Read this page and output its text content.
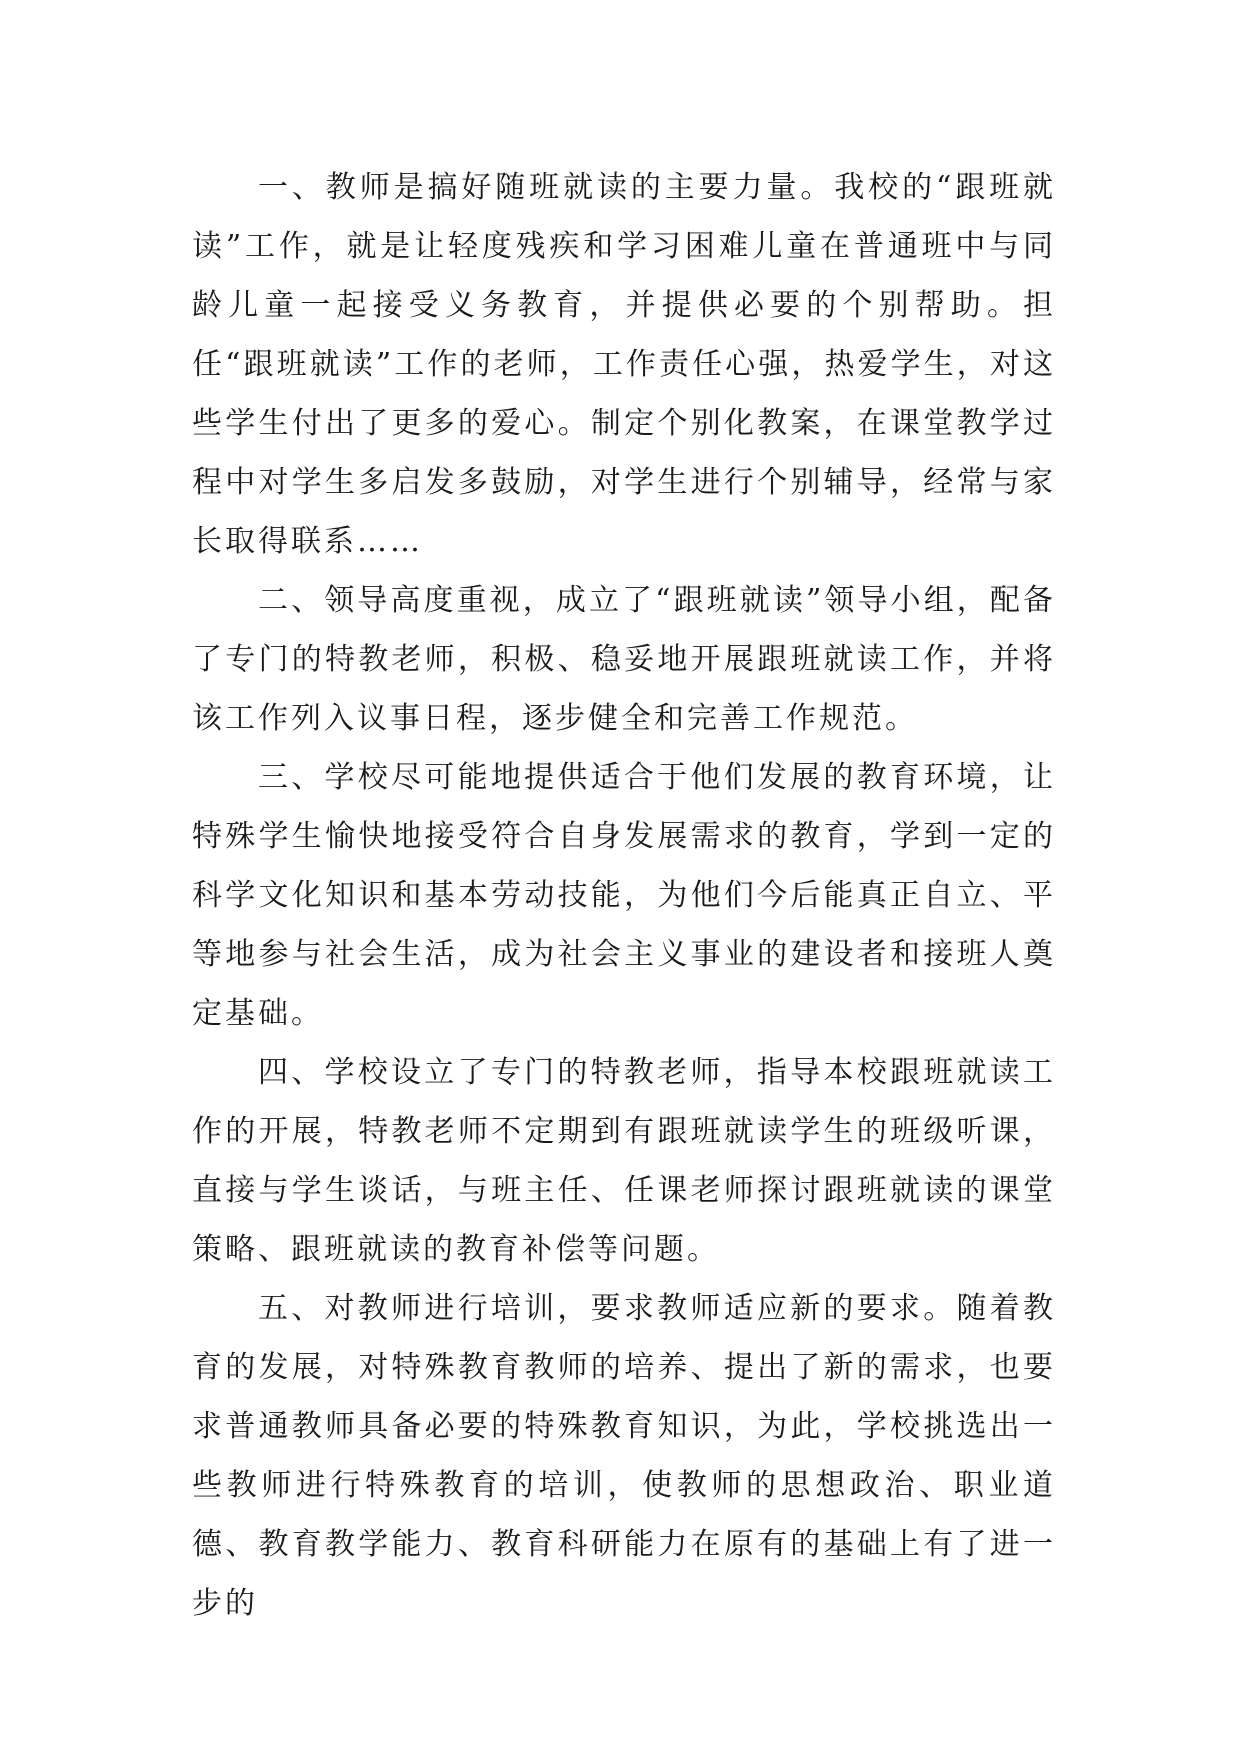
一、教师是搞好随班就读的主要力量。我校的“跟班就读”工作，就是让轻度残疾和学习困难儿童在普通班中与同龄儿童一起接受义务教育，并提供必要的个别帮助。担任“跟班就读”工作的老师，工作责任心强，热爱学生，对这些学生付出了更多的爱心。制定个别化教案，在课堂教学过程中对学生多启发多鼓励，对学生进行个别辅导，经常与家长取得联系……

二、领导高度重视，成立了“跟班就读”领导小组，配备了专门的特教老师，积极、稳妥地开展跟班就读工作，并将该工作列入议事日程，逐步健全和完善工作规范。

三、学校尽可能地提供适合于他们发展的教育环境，让特殊学生愉快地接受符合自身发展需求的教育，学到一定的科学文化知识和基本劳动技能，为他们今后能真正自立、平等地参与社会生活，成为社会主义事业的建设者和接班人奠定基础。

四、学校设立了专门的特教老师，指导本校跟班就读工作的开展，特教老师不定期到有跟班就读学生的班级听课，直接与学生谈话，与班主任、任课老师探讨跟班就读的课堂策略、跟班就读的教育补偿等问题。

五、对教师进行培训，要求教师适应新的要求。随着教育的发展，对特殊教育教师的培养、提出了新的需求，也要求普通教师具备必要的特殊教育知识，为此，学校挑选出一些教师进行特殊教育的培训，使教师的思想政治、职业道德、教育教学能力、教育科研能力在原有的基础上有了进一步的
